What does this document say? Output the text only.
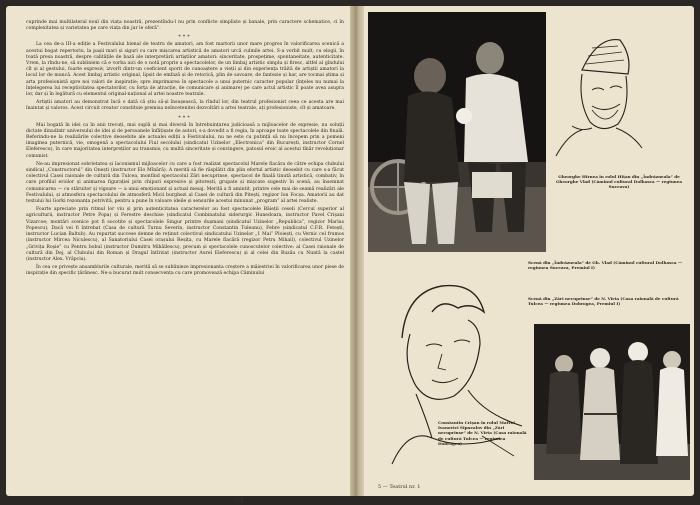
cuprinde mai multilateral noul din viața noastră, prezentîndu-l nu prin conflicte simpliste și banale, prin caractere schematice, ci în complexitatea și varietatea pe care viața din jur le oferă”.

***

La cea de-a III-a ediție a Festivalului bienal de teatru de amatori, am fost martorii unor mare progres în valorificarea scenică a acestui bogat repertoriu, la pașii mari și siguri cu care mișcarea artistică de amatori urcă culmile artei. S-a vorbit mult, cu elogii, în toată presa noastră, despre calitățile de bază ale interpretării artiștilor amatori: sinceritate, prospețime, spontaneitate, autenticitate. Vrem, la rîndu-ne, să subliniem că e vorba aici de o notă proprie a spectacolelor, de un limbaj artistic simplu și firesc, altfel al gîndului cît și al gestului, foarte expresiv, izvorît dintr-un coeficient sporit de cunoaștere a vieții și din experiența trăită de artiștii amatori la locul lor de muncă. Acest limbaj artistic original, lipsit de emfază și de retorică, plin de savoare, de fantezie și har, are tocmai știma și arta profesionistă spre noi valori de inspirație; spre imprimarea în spectacole a unui puternic caracter popular (înțeles nu numai la înțelegerea lui receptivitatea spectatorilor, cu forța de atracție, de comunicare și animare) pe care actul artistic îl poate avea asupra lor, dar și în legătură cu elementul original-național al artei noastre teatrale.

Artiștii amatori au demonstrat încă o dată că știu să-și însușească, la rîndul lor, din teatrul profesionist ceea ce acesta are mai înaintat și valoros. Acest circuit creator constituie premisa neîncetenitei dezvoltări a artei teatrale, ați profesioniste, cît și amatoare.

***

Mai bogată în idei ca în anii trecuți, mai suplă și mai diversă în întrebuințarea judicioasă a mijloacelor de expresie, nu soluții dictate dinadintr universului de idei și de persoanele înfățișate de autori, s-a dovedit a fi regia, în aproape toate spectacolele din finală. Referindu-ne la realizările colective deosebite ale actualei ediții a Festivalului, nu ne este cu putință să nu începem prin a pomeni imaginea puternică, vie, omogenă a spectacolului Fiul secolului (sindicatul Uzinelor „Electronica” din București, instructor Cornel Eleferescu), în care majoritatea interpreților au transmis, cu multă sinceritate și convingere, patosul eroic al acestui tînăr revoluționar comunist.

Ne-au impresionat sobrietatea și laconismul mijloacelor cu care a fost realizat spectacolul Marele flacăra de către echipa clubului sindical „Constructorul” din Onești (instructor Elo Mînără). A merită să fie răsplătit din plin efortul artistic deosebit cu care s-a făcut colectivul Casei raionale de cultură din Tulcea, montînd spectacolul Zări necuprinse, spectacol de finală tinută artistică, combativ, în care profilul eroilor și animarea figurației prin chipuri expresive și pitorești, grupate și mișcate sugestiv în scenă, au însemnat comunicarea — cu stăruitor și vigoare — a unui emoționant și actual mesaj. Merită a fi amintit, printre cele mai de seamă realizări ale Festivalului, și atmosfera spectacolului de atmosferă Micii burghezi al Casei de cultură din Pitești, regizor Ion Focșa. Amatorii au dat textului lui Gorki rezonanța potrivită, pentru a pune în valoare ideile și sensurile acestui minunat „program” al artei realiste.

Foarte apreciate prin ritmul lor viu și prin autenticitatea caracterelor au fost spectacolele Băieții ceseli (Cercul superior al agriculturii, instructor Petre Popa) și Ferestre deschise (sindicatul Combinatului siderurgic Hunedoara, instructor Pavel Crișani Vizarcoe; montări scenice pot fi socotite și spectacolele Singur printre dușmani (sindicatul Uzinelor „Republica”, regizor Marius Popescu), Dacă vei fi întrebat (Casa de cultură Turnu Severin, instructor Constantin Tuleanu), Febre (sindicatul C.F.R. Fetești, instructor Lucian Baltub). Au repurtat succese demne de reținut colectivul sindicatului Uzinelor „1 Mai” Ploiești, cu Vernic cel frumos (instructor Mircea Niculescu), al Sanatoriului Casei orașului Reșița, cu Marele flacără (regizor Petru Mihail), colectivul Uzinelor „Grivița Roșie” cu Pentru bobul (instructor Dumitru Mihăilescu), precum și spectacolele cunoscutelor colective: al Casei raionale de cultură din Dej, al Clubului din Roman și Dragul întîrziat (instructor Aurel Eleferescu) și al celei din Buzău cu Nuntă la castel (instructor Alex. Vrăpciu).

În cea ce privește ansamblurile culturale, merită să se sublinieze impresionanta creștere a măiestriei în valorificarea unor piese de inspirație din specific țărănesc. Ne-a bucurat mult consecvența cu care promovează echipa Căminului

64
Gheorghe Hîrnea în rolul Hițan din „Îndrăzneala” de Gheorghe Vlad (Căminul cultural Dolhasca — regiunea Suceava)
Scenă din „Îndrăzneala” de Gh. Vlad (Căminul cultural Dolhasca — regiunea Suceava, Premiul I)
Scenă din „Zări necuprinse” de N. Vîrta (Casa raională de cultură Tulcea — regiunea Dobrogea, Premiul I)
Constantin Crișan în rolul Matvei Ivanovici Sîpnealov din „Zări necuprinse” de N. Vîrta (Casa raională de cultură Tulcea — regiunea Dobrogea)
5 — Teatrul nr. 1
